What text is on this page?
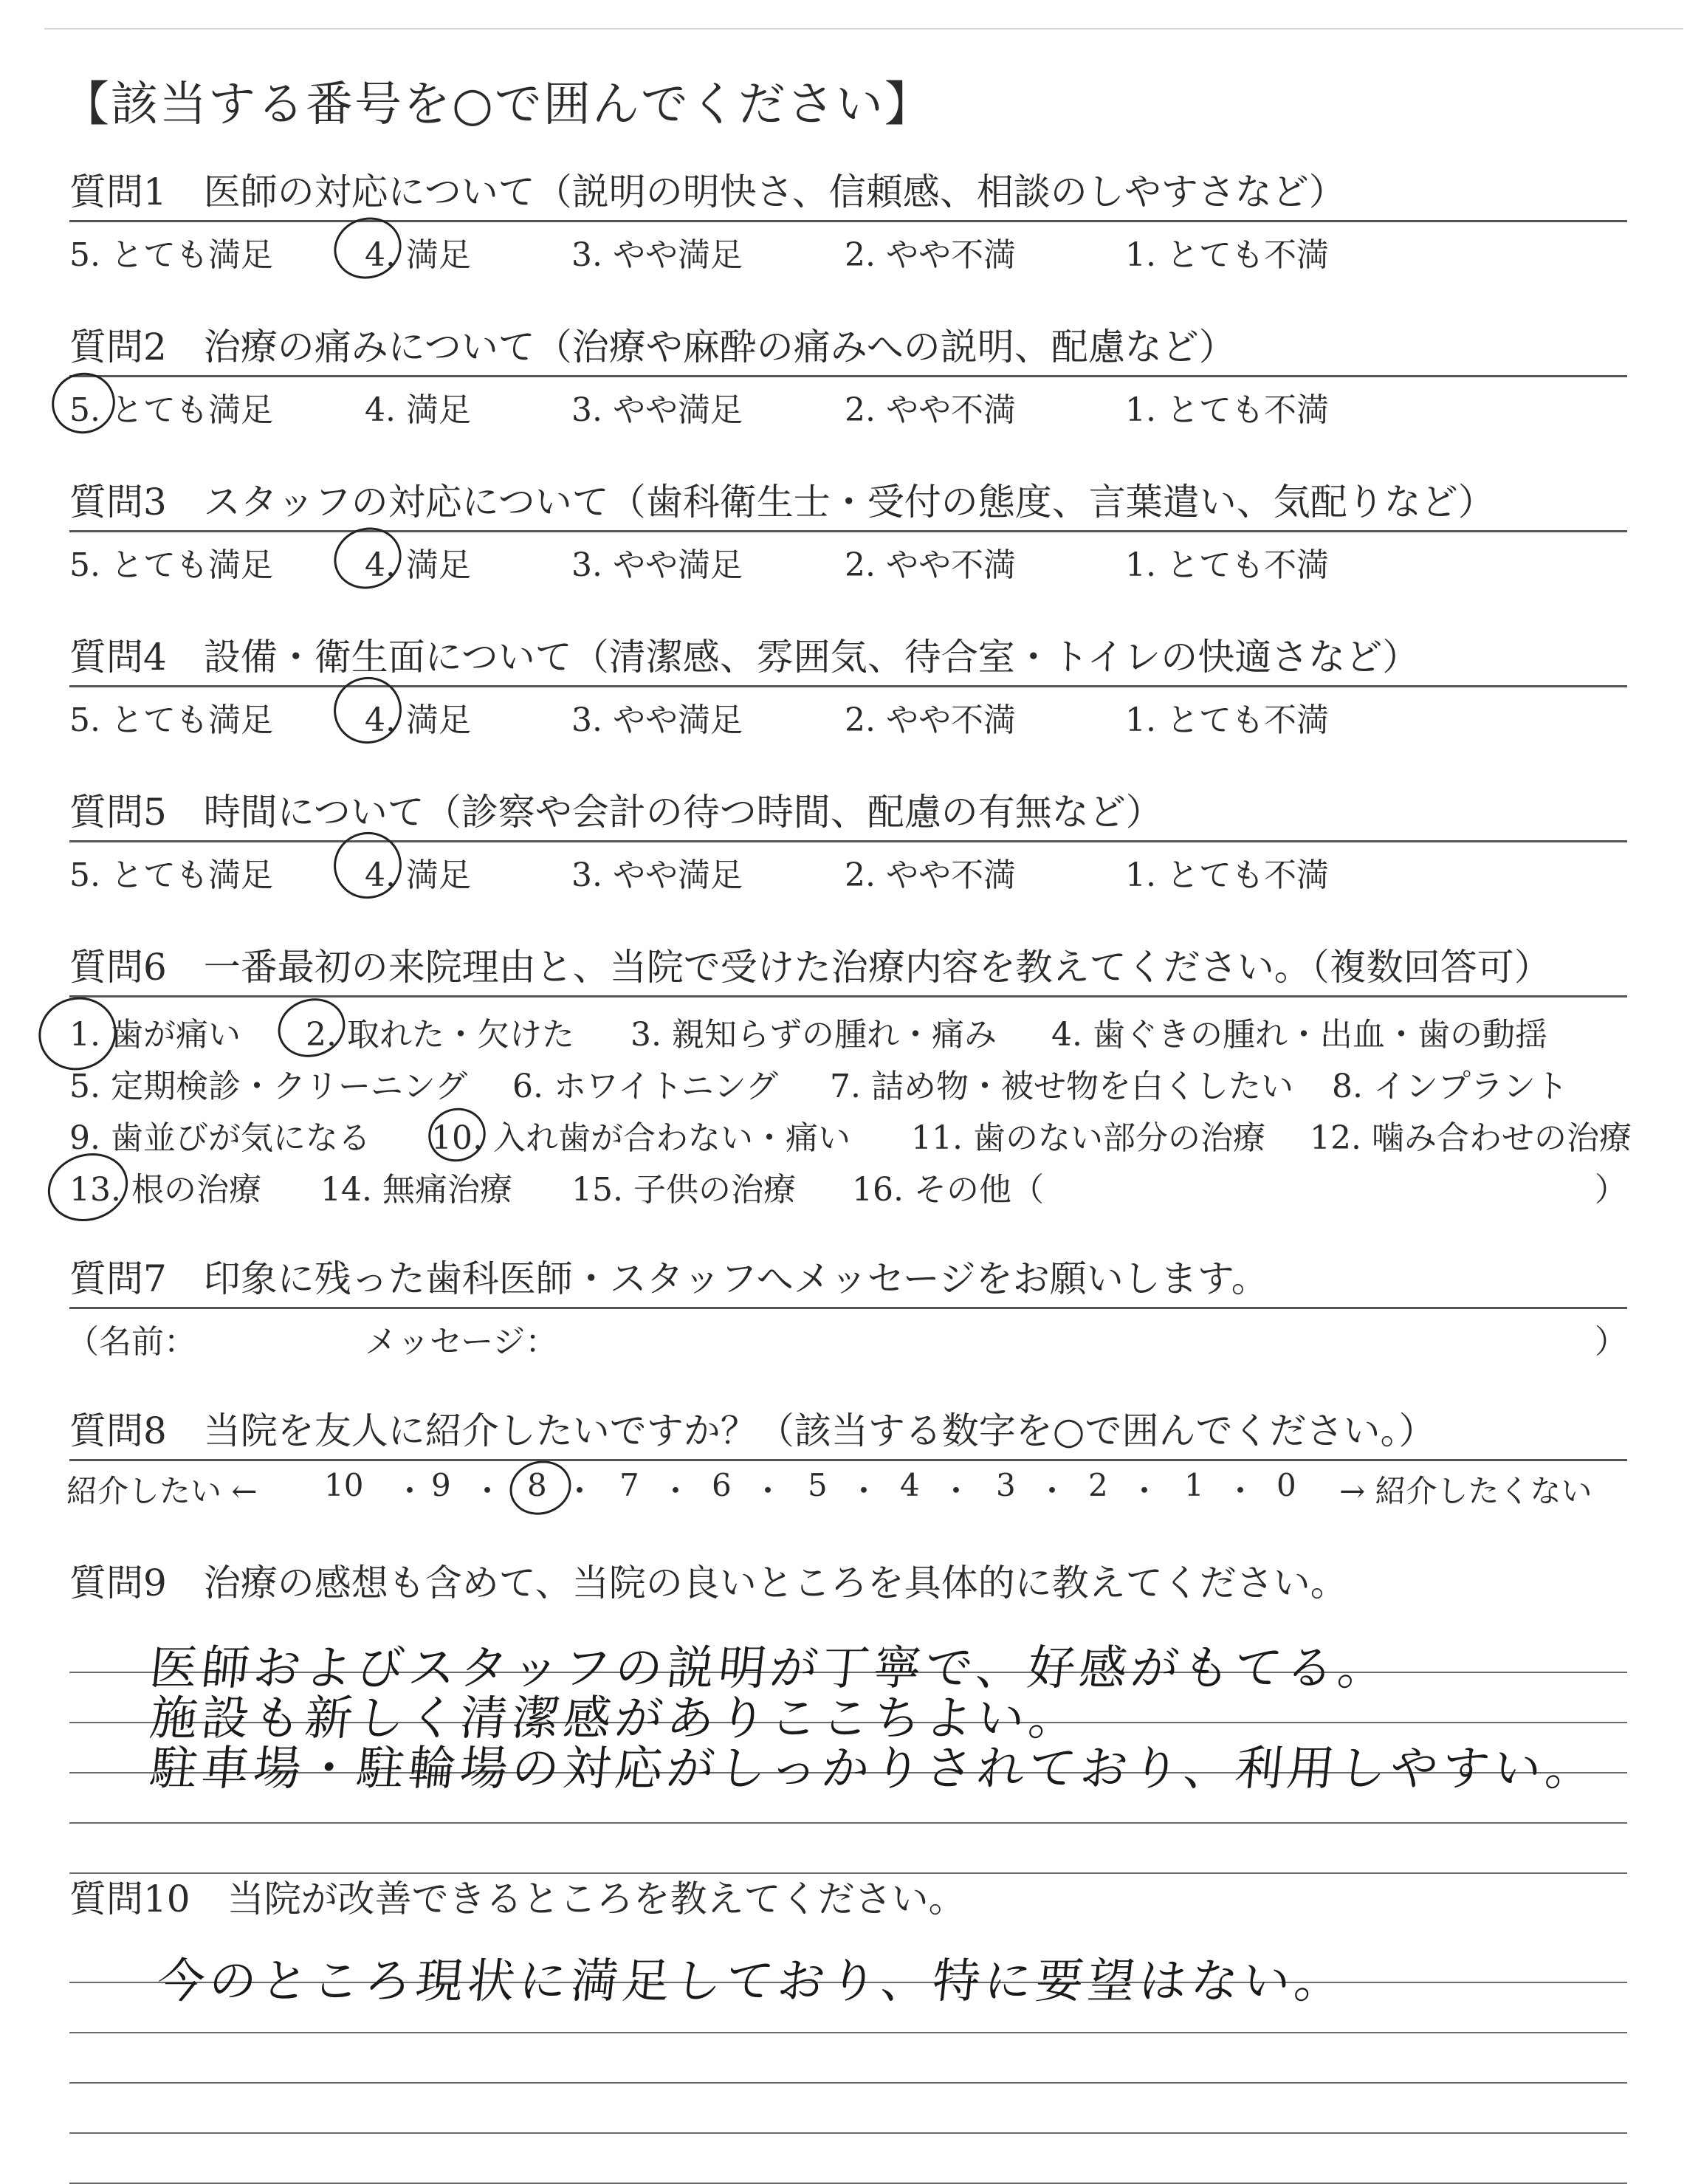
【該当する番号を○で囲んでください】
質問1　医師の対応について（説明の明快さ、信頼感、相談のしやすさなど）
5. とても満足	4. 満足	3. やや満足	2. やや不満	1. とても不満
質問2　治療の痛みについて（治療や麻酔の痛みへの説明、配慮など）
5. とても満足	4. 満足	3. やや満足	2. やや不満	1. とても不満
質問3　スタッフの対応について（歯科衛生士・受付の態度、言葉遣い、気配りなど）
5. とても満足	4. 満足	3. やや満足	2. やや不満	1. とても不満
質問4　設備・衛生面について（清潔感、雰囲気、待合室・トイレの快適さなど）
5. とても満足	4. 満足	3. やや満足	2. やや不満	1. とても不満
質問5　時間について（診察や会計の待つ時間、配慮の有無など）
5. とても満足	4. 満足	3. やや満足	2. やや不満	1. とても不満
質問6　一番最初の来院理由と、当院で受けた治療内容を教えてください。（複数回答可）
1. 歯が痛い 2. 取れた・欠けた 3. 親知らずの腫れ・痛み 4. 歯ぐきの腫れ・出血・歯の動揺
5. 定期検診・クリーニング 6. ホワイトニング 7. 詰め物・被せ物を白くしたい 8. インプラント
9. 歯並びが気になる 10. 入れ歯が合わない・痛い 11. 歯のない部分の治療 12. 噛み合わせの治療
13. 根の治療 14. 無痛治療 15. 子供の治療 16. その他（	）
質問7　印象に残った歯科医師・スタッフへメッセージをお願いします。
（名前：	メッセージ：	）
質問8　当院を友人に紹介したいですか？（該当する数字を○で囲んでください。）
紹介したい ← 10 ・ 9 ・ 8 ・ 7 ・ 6 ・ 5 ・ 4 ・ 3 ・ 2 ・ 1 ・ 0 → 紹介したくない
質問9　治療の感想も含めて、当院の良いところを具体的に教えてください。
医師およびスタッフの説明が丁寧で、好感がもてる。
施設も新しく清潔感がありここちよい。
駐車場・駐輪場の対応がしっかりされており、利用しやすい。
質問10　当院が改善できるところを教えてください。
今のところ現状に満足しており、特に要望はない。
